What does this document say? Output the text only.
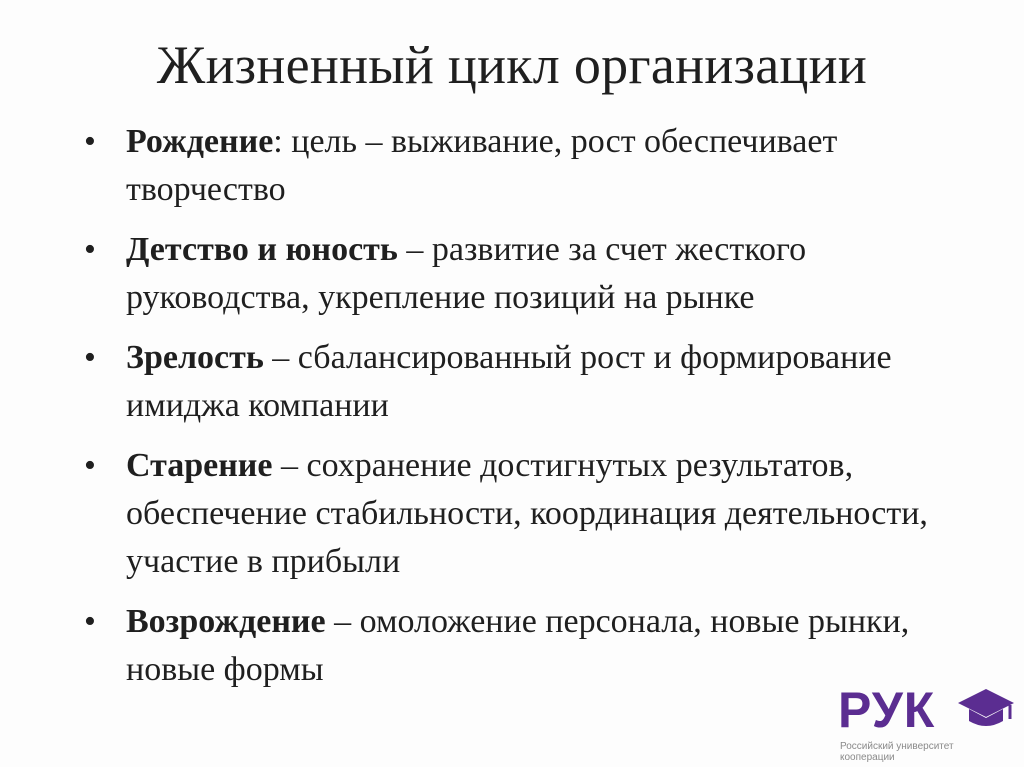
Жизненный цикл организации
• Рождение: цель – выживание, рост обеспечивает творчество
• Детство и юность – развитие за счет жесткого руководства, укрепление позиций на рынке
• Зрелость – сбалансированный рост и формирование имиджа компании
• Старение – сохранение достигнутых результатов, обеспечение стабильности, координация деятельности, участие в прибыли
• Возрождение – омоложение персонала, новые рынки, новые формы
РУК
Российский университет
кооперации
